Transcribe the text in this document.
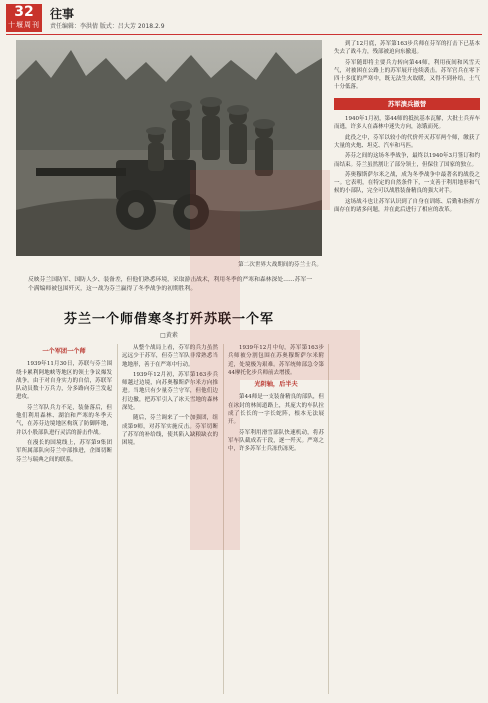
32
十堰周刊
往事
责任编辑：李洪倩 版式：吕大芳 2018.2.9
第二次世界大战期间的芬兰士兵。
反映芬兰国防军、国防人少、装备差，但他们熟悉环境，采取游击战术，利用冬季的严寒和森林深处……苏军一个满编师被包围歼灭，这一战为芬兰赢得了冬季战争的初期胜利。
芬兰一个师借寒冬打歼苏联一个军
□黄素
一个军团一个师

1939年11月30日，苏联与芬兰围绕卡累利阿地峡等地区的领土争议爆发战争。由于对自身实力的自信，苏联军队动员数十万兵力，分多路向芬兰发起进攻。

芬兰军队兵力不足，装备落后，但他们利用森林、湖泊和严寒的冬季天气，在苏芬边境地区构筑了防御阵地，并以小股部队进行灵活的游击作战。

在漫长的国境线上，苏军第9集团军所属部队向芬兰中部推进，企图切断芬兰与瑞典之间的联系。

从整个战局上看，芬军的兵力虽然远远少于苏军，但芬兰军队非常熟悉当地地形，善于在严寒中行动。

1939年12月初，苏军第163步兵师越过边境，向苏奥穆斯萨尔米方向推进。当地只有少量芬兰守军，但他们边打边撤，把苏军引入了冰天雪地的森林深处。

随后，芬兰调来了一个加强团，组成第9师，对苏军实施反击。芬军切断了苏军的补给线，使其陷入缺粮缺衣的困境。

1939年12月中旬，苏军第163步兵师被分割包围在苏奥穆斯萨尔米附近，处境极为艰难。苏军统帅部急令第44摩托化步兵师前去增援。

光阴轴，后半夫

第44师是一支装备精良的部队，但在冰封的林间道路上，其庞大的车队拉成了长长的一字长蛇阵，根本无法展开。

芬军利用滑雪部队快速机动，将苏军车队截成若干段，逐一歼灭。严寒之中，许多苏军士兵冻伤冻死。

到了12月底，苏军第163步兵师在芬军的打击下已基本失去了战斗力，残部被迫向东撤退。

芬军随即将主要兵力转向第44师，利用夜间和风雪天气，对被困在公路上的苏军展开连续袭击。苏军官兵在零下四十多度的严寒中，既无法生火取暖，又得不到补给，士气十分低落。

苏军溃兵撤替

1940年1月初，第44师的抵抗基本瓦解，大批士兵弃车而逃，许多人在森林中迷失方向，冻饿而死。

此役之中，芬军以较小的代价歼灭苏军两个师，缴获了大量的火炮、坦克、汽车和马匹。

苏芬之间的这场冬季战争，最终以1940年3月签订和约而结束。芬兰虽然割让了部分领土，但保住了国家的独立。

苏奥穆斯萨尔米之战，成为冬季战争中最著名的战役之一。它表明，在特定的自然条件下，一支善于利用地形和气候的小部队，完全可以战胜装备精良的强大对手。

这场战斗也让苏军认识到了自身在训练、后勤和指挥方面存在的诸多问题，并在此后进行了相应的改革。
